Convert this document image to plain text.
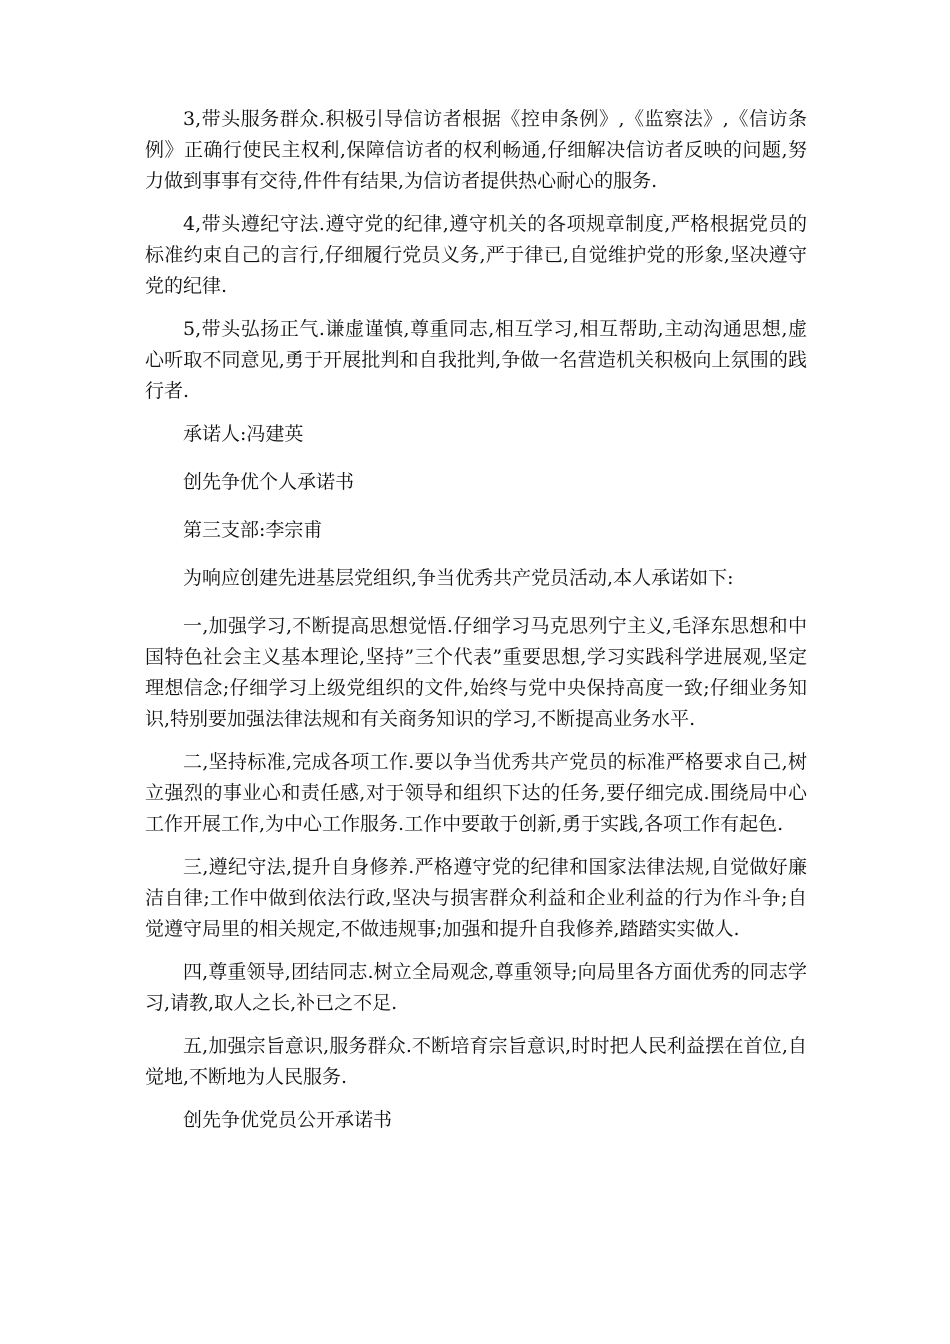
3,带头服务群众.积极引导信访者根据《控申条例》,《监察法》,《信访条例》正确行使民主权利,保障信访者的权利畅通,仔细解决信访者反映的问题,努力做到事事有交待,件件有结果,为信访者提供热心耐心的服务.

4,带头遵纪守法.遵守党的纪律,遵守机关的各项规章制度,严格根据党员的标准约束自己的言行,仔细履行党员义务,严于律已,自觉维护党的形象,坚决遵守党的纪律.

5,带头弘扬正气.谦虚谨慎,尊重同志,相互学习,相互帮助,主动沟通思想,虚心听取不同意见,勇于开展批判和自我批判,争做一名营造机关积极向上氛围的践行者.

承诺人:冯建英

创先争优个人承诺书

第三支部:李宗甫

为响应创建先进基层党组织,争当优秀共产党员活动,本人承诺如下:

一,加强学习,不断提高思想觉悟.仔细学习马克思列宁主义,毛泽东思想和中国特色社会主义基本理论,坚持”三个代表”重要思想,学习实践科学进展观,坚定理想信念;仔细学习上级党组织的文件,始终与党中央保持高度一致;仔细业务知识,特别要加强法律法规和有关商务知识的学习,不断提高业务水平.

二,坚持标准,完成各项工作.要以争当优秀共产党员的标准严格要求自己,树立强烈的事业心和责任感,对于领导和组织下达的任务,要仔细完成.围绕局中心工作开展工作,为中心工作服务.工作中要敢于创新,勇于实践,各项工作有起色.

三,遵纪守法,提升自身修养.严格遵守党的纪律和国家法律法规,自觉做好廉洁自律;工作中做到依法行政,坚决与损害群众利益和企业利益的行为作斗争;自觉遵守局里的相关规定,不做违规事;加强和提升自我修养,踏踏实实做人.

四,尊重领导,团结同志.树立全局观念,尊重领导;向局里各方面优秀的同志学习,请教,取人之长,补已之不足.

五,加强宗旨意识,服务群众.不断培育宗旨意识,时时把人民利益摆在首位,自觉地,不断地为人民服务.

创先争优党员公开承诺书
